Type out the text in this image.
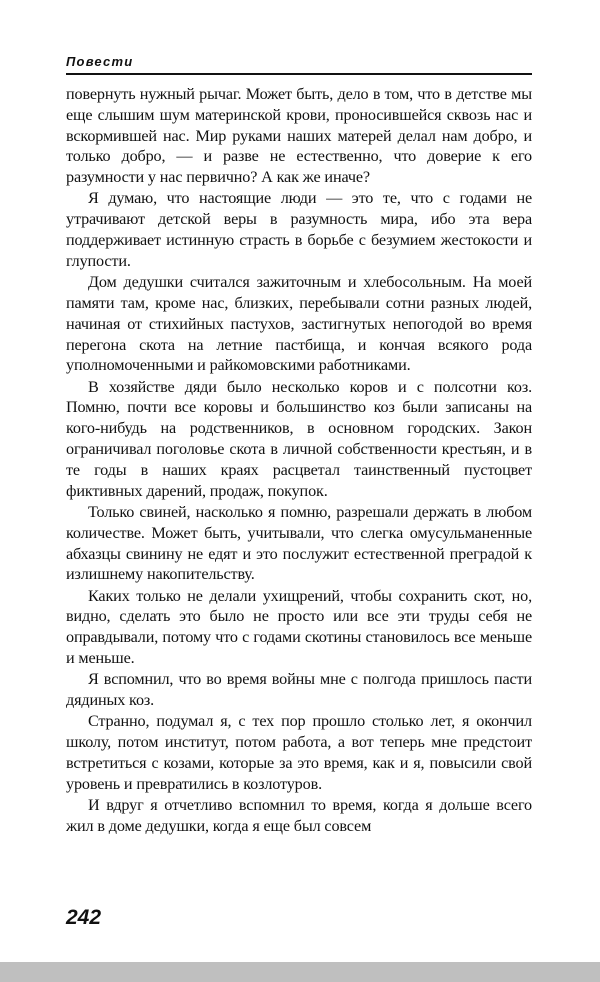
Повести

повернуть нужный рычаг. Может быть, дело в том, что в детстве мы еще слышим шум материнской крови, проносившейся сквозь нас и вскормившей нас. Мир руками наших матерей делал нам добро, и только добро, — и разве не естественно, что доверие к его разумности у нас первично? А как же иначе?

Я думаю, что настоящие люди — это те, что с годами не утрачивают детской веры в разумность мира, ибо эта вера поддерживает истинную страсть в борьбе с безумием жестокости и глупости.

Дом дедушки считался зажиточным и хлебосольным. На моей памяти там, кроме нас, близких, перебывали сотни разных людей, начиная от стихийных пастухов, застигнутых непогодой во время перегона скота на летние пастбища, и кончая всякого рода уполномоченными и райкомовскими работниками.

В хозяйстве дяди было несколько коров и с полсотни коз. Помню, почти все коровы и большинство коз были записаны на кого-нибудь на родственников, в основном городских. Закон ограничивал поголовье скота в личной собственности крестьян, и в те годы в наших краях расцветал таинственный пустоцвет фиктивных дарений, продаж, покупок.

Только свиней, насколько я помню, разрешали держать в любом количестве. Может быть, учитывали, что слегка омусульманенные абхазцы свинину не едят и это послужит естественной преградой к излишнему накопительству.

Каких только не делали ухищрений, чтобы сохранить скот, но, видно, сделать это было не просто или все эти труды себя не оправдывали, потому что с годами скотины становилось все меньше и меньше.

Я вспомнил, что во время войны мне с полгода пришлось пасти дядиных коз.

Странно, подумал я, с тех пор прошло столько лет, я окончил школу, потом институт, потом работа, а вот теперь мне предстоит встретиться с козами, которые за это время, как и я, повысили свой уровень и превратились в козлотуров.

И вдруг я отчетливо вспомнил то время, когда я дольше всего жил в доме дедушки, когда я еще был совсем

242
